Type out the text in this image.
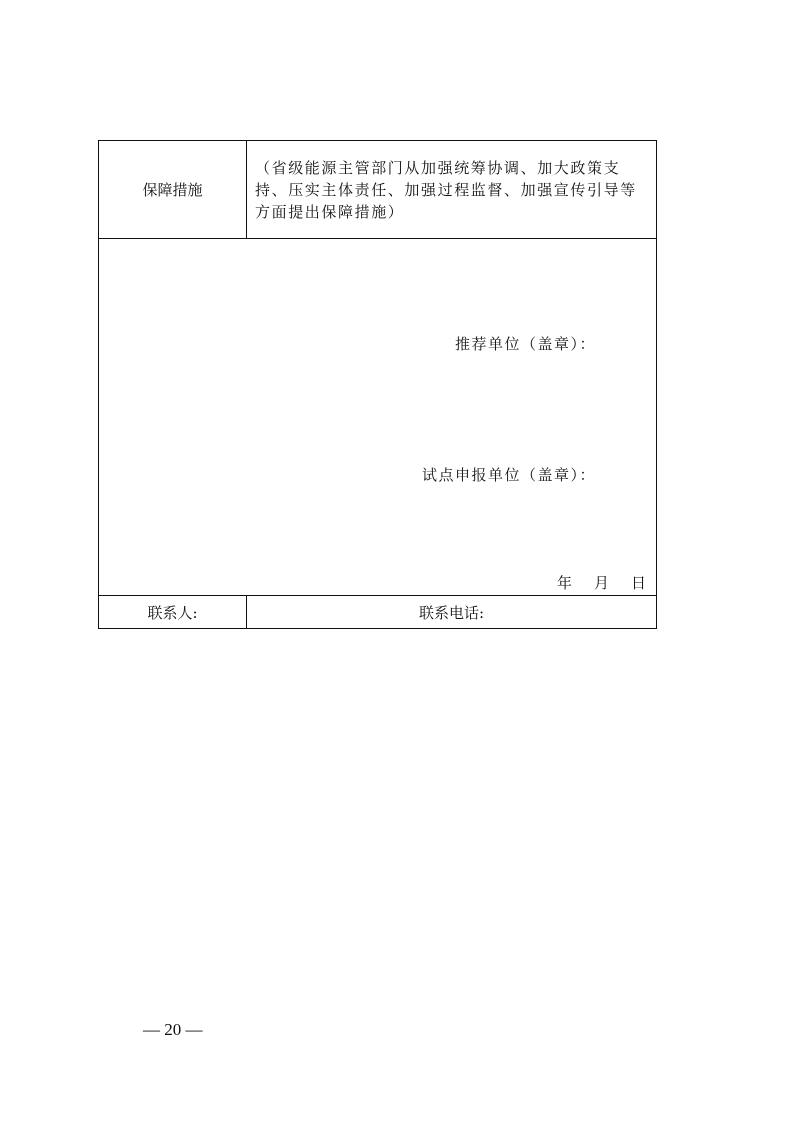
保障措施
（省级能源主管部门从加强统筹协调、加大政策支持、压实主体责任、加强过程监督、加强宣传引导等方面提出保障措施）
推荐单位（盖章）：
试点申报单位（盖章）：
年 月 日
联系人:	联系电话:
— 20 —
